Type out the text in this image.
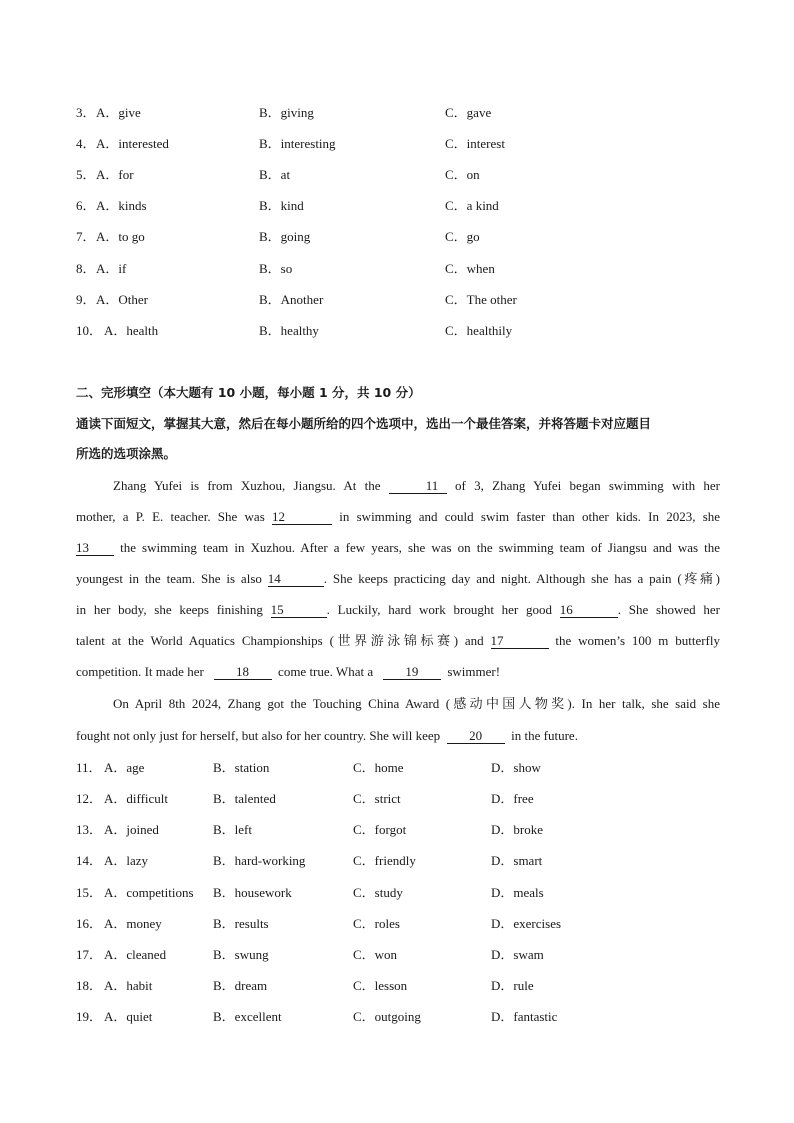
3． A．give	B．giving	C．gave
4． A．interested	B．interesting	C．interest
5． A．for	B．at	C．on
6． A．kinds	B．kind	C．a kind
7． A．to go	B．going	C．go
8． A．if	B．so	C．when
9． A．Other	B．Another	C．The other
10． A．health	B．healthy	C．healthily
二、完形填空（本大题有 10 小题，每小题 1 分，共 10 分）
通读下面短文，掌握其大意，然后在每小题所给的四个选项中，选出一个最佳答案，并将答题卡对应题目
所选的选项涂黑。
Zhang Yufei is from Xuzhou, Jiangsu. At the	11 of 3, Zhang Yufei began swimming with her
mother, a P. E. teacher. She was 12	in swimming and could swim faster than other kids. In 2023, she
13 the swimming team in Xuzhou. After a few years, she was on the swimming team of Jiangsu and was the
youngest in the team. She is also 14	. She keeps practicing day and night. Although she has a pain (疼痛)
in her body, she keeps finishing 15	. Luckily, hard work brought her good 16	. She showed her
talent at the World Aquatics Championships (世界游泳锦标赛) and 17	the women’s 100 m butterfly
competition. It made her 18 come true. What a 19 swimmer!
On April 8th 2024, Zhang got the Touching China Award (感动中国人物奖). In her talk, she said she
fought not only just for herself, but also for her country. She will keep 20 in the future.
11． A．age	B．station	C．home	D．show
12． A．difficult	B．talented	C．strict	D．free
13． A．joined	B．left	C．forgot	D．broke
14． A．lazy	B．hard-working	C．friendly	D．smart
15． A．competitions B．housework	C．study	D．meals
16． A．money	B．results	C．roles	D．exercises
17． A．cleaned	B．swung	C．won	D．swam
18． A．habit	B．dream	C．lesson	D．rule
19． A．quiet	B．excellent	C．outgoing	D．fantastic
